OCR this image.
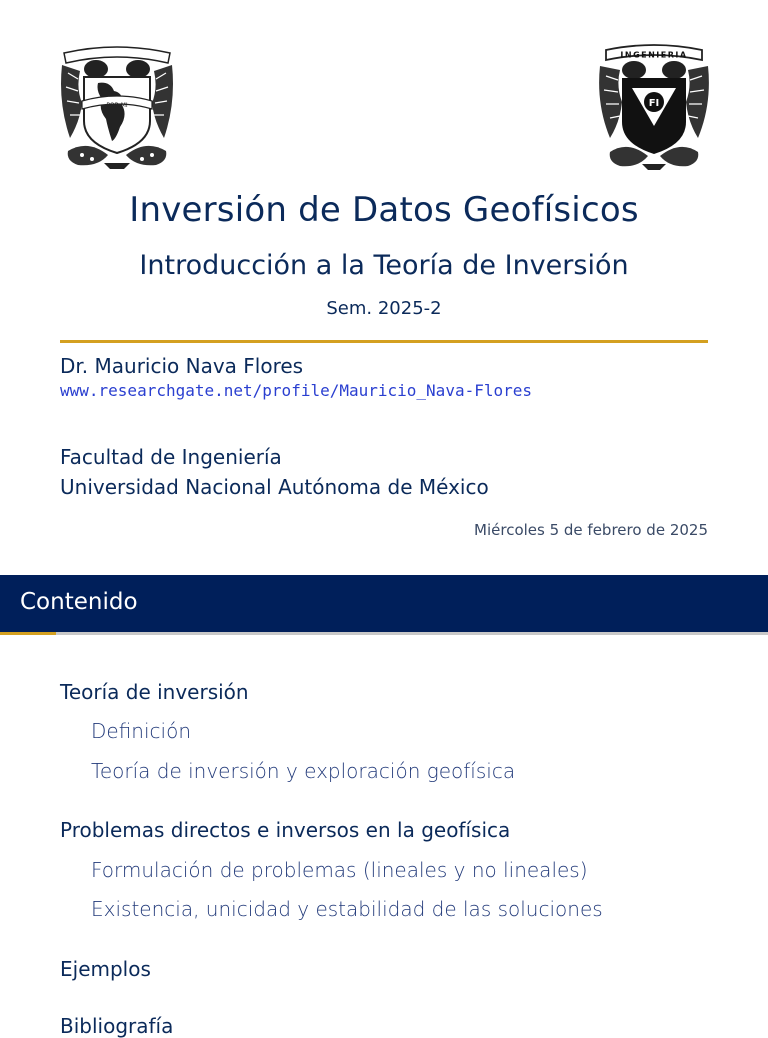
POR MI
INGENIERIA
FI
Inversión de Datos Geofísicos
Introducción a la Teoría de Inversión
Sem. 2025-2
Dr. Mauricio Nava Flores
www.researchgate.net/profile/Mauricio_Nava-Flores
Facultad de Ingeniería
Universidad Nacional Autónoma de México
Miércoles 5 de febrero de 2025
Contenido
Teoría de inversión
Definición
Teoría de inversión y exploración geofísica
Problemas directos e inversos en la geofísica
Formulación de problemas (lineales y no lineales)
Existencia, unicidad y estabilidad de las soluciones
Ejemplos
Bibliografía
